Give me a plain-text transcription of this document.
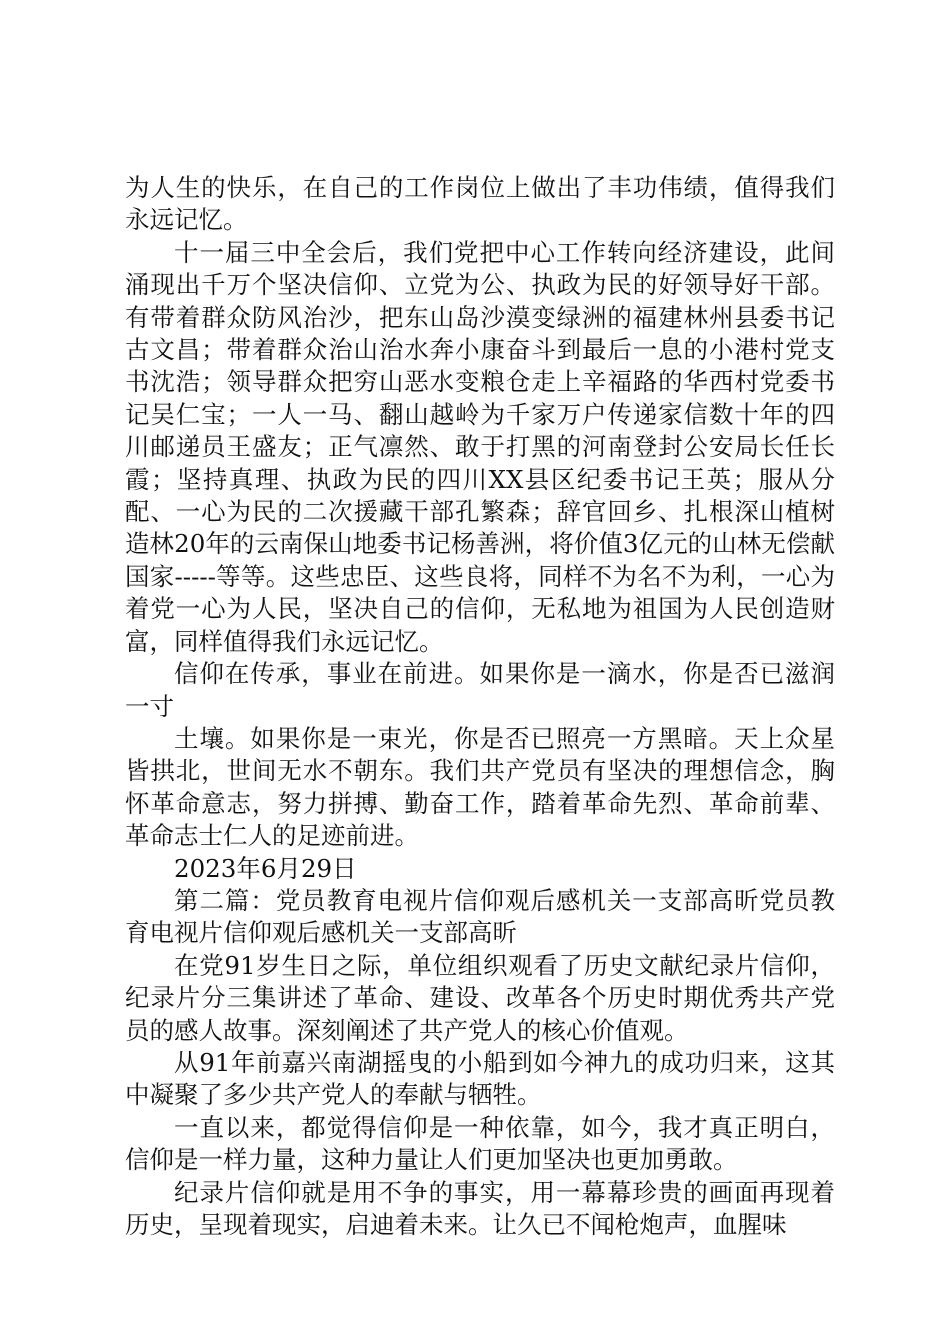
为人生的快乐，在自己的工作岗位上做出了丰功伟绩，值得我们永远记忆。

十一届三中全会后，我们党把中心工作转向经济建设，此间涌现出千万个坚决信仰、立党为公、执政为民的好领导好干部。有带着群众防风治沙，把东山岛沙漠变绿洲的福建林州县委书记古文昌；带着群众治山治水奔小康奋斗到最后一息的小港村党支书沈浩；领导群众把穷山恶水变粮仓走上辛福路的华西村党委书记吴仁宝；一人一马、翻山越岭为千家万户传递家信数十年的四川邮递员王盛友；正气凛然、敢于打黑的河南登封公安局长任长霞；坚持真理、执政为民的四川XX县区纪委书记王英；服从分配、一心为民的二次援藏干部孔繁森；辞官回乡、扎根深山植树造林20年的云南保山地委书记杨善洲，将价值3亿元的山林无偿献国家-----等等。这些忠臣、这些良将，同样不为名不为利，一心为着党一心为人民，坚决自己的信仰，无私地为祖国为人民创造财富，同样值得我们永远记忆。

信仰在传承，事业在前进。如果你是一滴水，你是否已滋润一寸

土壤。如果你是一束光，你是否已照亮一方黑暗。天上众星皆拱北，世间无水不朝东。我们共产党员有坚决的理想信念，胸怀革命意志，努力拼搏、勤奋工作，踏着革命先烈、革命前辈、革命志士仁人的足迹前进。

2023年6月29日

第二篇：党员教育电视片信仰观后感机关一支部高昕党员教育电视片信仰观后感机关一支部高昕

在党91岁生日之际，单位组织观看了历史文献纪录片信仰，纪录片分三集讲述了革命、建设、改革各个历史时期优秀共产党员的感人故事。深刻阐述了共产党人的核心价值观。

从91年前嘉兴南湖摇曳的小船到如今神九的成功归来，这其中凝聚了多少共产党人的奉献与牺牲。

一直以来，都觉得信仰是一种依靠，如今，我才真正明白，信仰是一样力量，这种力量让人们更加坚决也更加勇敢。

纪录片信仰就是用不争的事实，用一幕幕珍贵的画面再现着历史，呈现着现实，启迪着未来。让久已不闻枪炮声，血腥味
